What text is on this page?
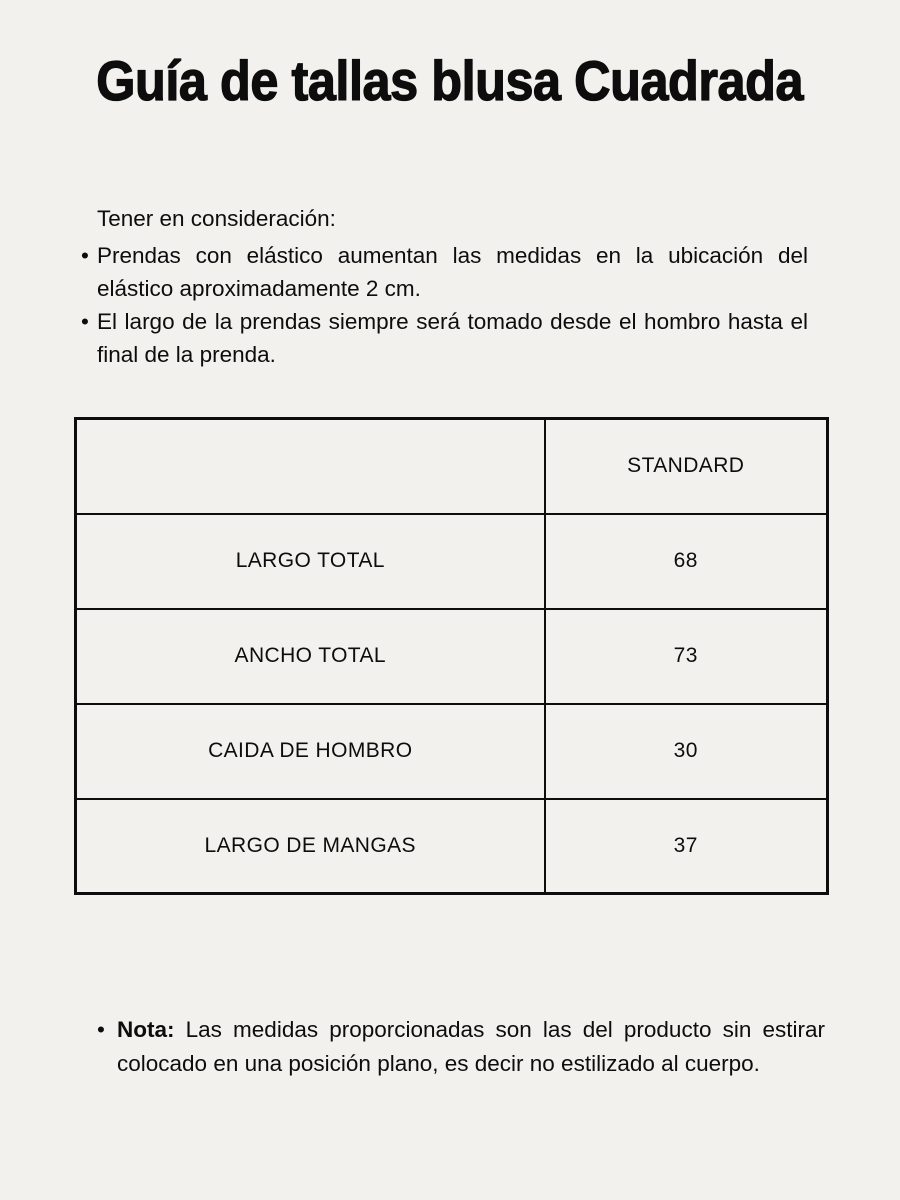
Guía de tallas blusa Cuadrada
Tener en consideración:
• Prendas con elástico aumentan las medidas en la ubicación del elástico aproximadamente 2 cm.
• El largo de la prendas siempre será tomado desde el hombro hasta el final de la prenda.
	STANDARD
LARGO TOTAL	68
ANCHO TOTAL	73
CAIDA DE HOMBRO	30
LARGO DE MANGAS	37
• Nota: Las medidas proporcionadas son las del producto sin estirar colocado en una posición plano, es decir no estilizado al cuerpo.
